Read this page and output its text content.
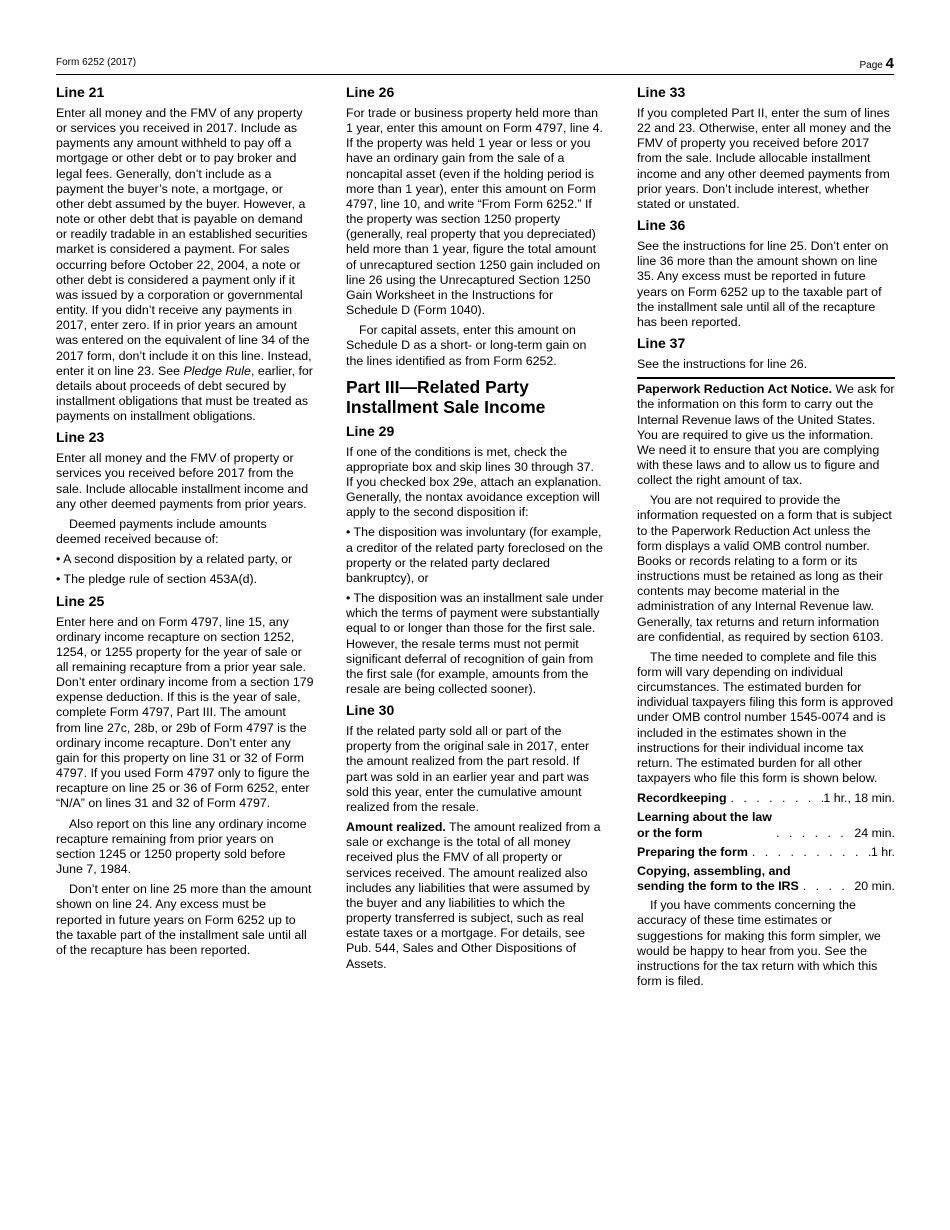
Form 6252 (2017)	Page 4
Line 21

Enter all money and the FMV of any property or services you received in 2017. Include as payments any amount withheld to pay off a mortgage or other debt or to pay broker and legal fees. Generally, don’t include as a payment the buyer’s note, a mortgage, or other debt assumed by the buyer. However, a note or other debt that is payable on demand or readily tradable in an established securities market is considered a payment. For sales occurring before October 22, 2004, a note or other debt is considered a payment only if it was issued by a corporation or governmental entity. If you didn’t receive any payments in 2017, enter zero. If in prior years an amount was entered on the equivalent of line 34 of the 2017 form, don’t include it on this line. Instead, enter it on line 23. See Pledge Rule, earlier, for details about proceeds of debt secured by installment obligations that must be treated as payments on installment obligations.

Line 23

Enter all money and the FMV of property or services you received before 2017 from the sale. Include allocable installment income and any other deemed payments from prior years.

Deemed payments include amounts deemed received because of:

• A second disposition by a related party, or

• The pledge rule of section 453A(d).

Line 25

Enter here and on Form 4797, line 15, any ordinary income recapture on section 1252, 1254, or 1255 property for the year of sale or all remaining recapture from a prior year sale. Don’t enter ordinary income from a section 179 expense deduction. If this is the year of sale, complete Form 4797, Part III. The amount from line 27c, 28b, or 29b of Form 4797 is the ordinary income recapture. Don’t enter any gain for this property on line 31 or 32 of Form 4797. If you used Form 4797 only to figure the recapture on line 25 or 36 of Form 6252, enter “N/A” on lines 31 and 32 of Form 4797.

Also report on this line any ordinary income recapture remaining from prior years on section 1245 or 1250 property sold before June 7, 1984.

Don’t enter on line 25 more than the amount shown on line 24. Any excess must be reported in future years on Form 6252 up to the taxable part of the installment sale until all of the recapture has been reported.

Line 26

For trade or business property held more than 1 year, enter this amount on Form 4797, line 4. If the property was held 1 year or less or you have an ordinary gain from the sale of a noncapital asset (even if the holding period is more than 1 year), enter this amount on Form 4797, line 10, and write “From Form 6252.” If the property was section 1250 property (generally, real property that you depreciated) held more than 1 year, figure the total amount of unrecaptured section 1250 gain included on line 26 using the Unrecaptured Section 1250 Gain Worksheet in the Instructions for Schedule D (Form 1040).

For capital assets, enter this amount on Schedule D as a short- or long-term gain on the lines identified as from Form 6252.

Part III—Related Party Installment Sale Income
Line 29

If one of the conditions is met, check the appropriate box and skip lines 30 through 37. If you checked box 29e, attach an explanation. Generally, the nontax avoidance exception will apply to the second disposition if:

• The disposition was involuntary (for example, a creditor of the related party foreclosed on the property or the related party declared bankruptcy), or

• The disposition was an installment sale under which the terms of payment were substantially equal to or longer than those for the first sale. However, the resale terms must not permit significant deferral of recognition of gain from the first sale (for example, amounts from the resale are being collected sooner).

Line 30

If the related party sold all or part of the property from the original sale in 2017, enter the amount realized from the part resold. If part was sold in an earlier year and part was sold this year, enter the cumulative amount realized from the resale.

Amount realized. The amount realized from a sale or exchange is the total of all money received plus the FMV of all property or services received. The amount realized also includes any liabilities that were assumed by the buyer and any liabilities to which the property transferred is subject, such as real estate taxes or a mortgage. For details, see Pub. 544, Sales and Other Dispositions of Assets.

Line 33

If you completed Part II, enter the sum of lines 22 and 23. Otherwise, enter all money and the FMV of property you received before 2017 from the sale. Include allocable installment income and any other deemed payments from prior years. Don’t include interest, whether stated or unstated.

Line 36

See the instructions for line 25. Don’t enter on line 36 more than the amount shown on line 35. Any excess must be reported in future years on Form 6252 up to the taxable part of the installment sale until all of the recapture has been reported.

Line 37

See the instructions for line 26.

Paperwork Reduction Act Notice. We ask for the information on this form to carry out the Internal Revenue laws of the United States. You are required to give us the information. We need it to ensure that you are complying with these laws and to allow us to figure and collect the right amount of tax.

You are not required to provide the information requested on a form that is subject to the Paperwork Reduction Act unless the form displays a valid OMB control number. Books or records relating to a form or its instructions must be retained as long as their contents may become material in the administration of any Internal Revenue law. Generally, tax returns and return information are confidential, as required by section 6103.

The time needed to complete and file this form will vary depending on individual circumstances. The estimated burden for individual taxpayers filing this form is approved under OMB control number 1545-0074 and is included in the estimates shown in the instructions for their individual income tax return. The estimated burden for all other taxpayers who file this form is shown below.

Recordkeeping . . .	1 hr., 18 min.
Learning about the law
or the form . . .	24 min.
Preparing the form . . .	1 hr.
Copying, assembling, and
sending the form to the IRS . . .	20 min.

If you have comments concerning the accuracy of these time estimates or suggestions for making this form simpler, we would be happy to hear from you. See the instructions for the tax return with which this form is filed.
